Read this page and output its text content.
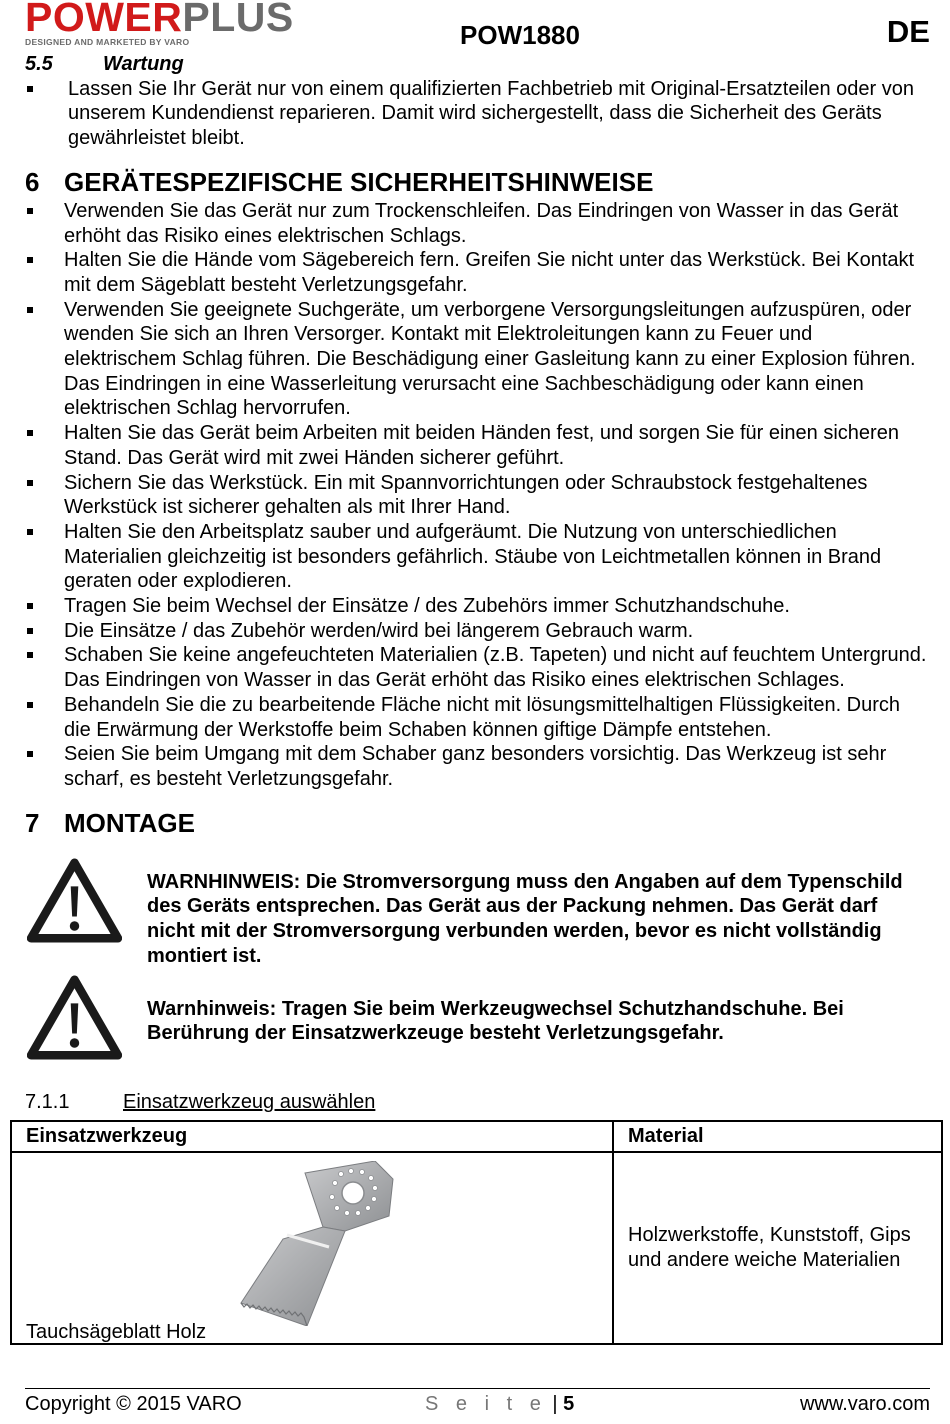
POWERPLUS
DESIGNED AND MARKETED BY VARO	POW1880	DE
5.5	Wartung
Lassen Sie Ihr Gerät nur von einem qualifizierten Fachbetrieb mit Original-Ersatzteilen oder von unserem Kundendienst reparieren. Damit wird sichergestellt, dass die Sicherheit des Geräts gewährleistet bleibt.
6 GERÄTESPEZIFISCHE SICHERHEITSHINWEISE
Verwenden Sie das Gerät nur zum Trockenschleifen. Das Eindringen von Wasser in das Gerät erhöht das Risiko eines elektrischen Schlags.
Halten Sie die Hände vom Sägebereich fern. Greifen Sie nicht unter das Werkstück. Bei Kontakt mit dem Sägeblatt besteht Verletzungsgefahr.
Verwenden Sie geeignete Suchgeräte, um verborgene Versorgungsleitungen aufzuspüren, oder wenden Sie sich an Ihren Versorger. Kontakt mit Elektroleitungen kann zu Feuer und elektrischem Schlag führen. Die Beschädigung einer Gasleitung kann zu einer Explosion führen. Das Eindringen in eine Wasserleitung verursacht eine Sachbeschädigung oder kann einen elektrischen Schlag hervorrufen.
Halten Sie das Gerät beim Arbeiten mit beiden Händen fest, und sorgen Sie für einen sicheren Stand. Das Gerät wird mit zwei Händen sicherer geführt.
Sichern Sie das Werkstück. Ein mit Spannvorrichtungen oder Schraubstock festgehaltenes Werkstück ist sicherer gehalten als mit Ihrer Hand.
Halten Sie den Arbeitsplatz sauber und aufgeräumt. Die Nutzung von unterschiedlichen Materialien gleichzeitig ist besonders gefährlich. Stäube von Leichtmetallen können in Brand geraten oder explodieren.
Tragen Sie beim Wechsel der Einsätze / des Zubehörs immer Schutzhandschuhe.
Die Einsätze / das Zubehör werden/wird bei längerem Gebrauch warm.
Schaben Sie keine angefeuchteten Materialien (z.B. Tapeten) und nicht auf feuchtem Untergrund. Das Eindringen von Wasser in das Gerät erhöht das Risiko eines elektrischen Schlages.
Behandeln Sie die zu bearbeitende Fläche nicht mit lösungsmittelhaltigen Flüssigkeiten. Durch die Erwärmung der Werkstoffe beim Schaben können giftige Dämpfe entstehen.
Seien Sie beim Umgang mit dem Schaber ganz besonders vorsichtig. Das Werkzeug ist sehr scharf, es besteht Verletzungsgefahr.
7 MONTAGE
WARNHINWEIS: Die Stromversorgung muss den Angaben auf dem Typenschild des Geräts entsprechen. Das Gerät aus der Packung nehmen. Das Gerät darf nicht mit der Stromversorgung verbunden werden, bevor es nicht vollständig montiert ist.
Warnhinweis: Tragen Sie beim Werkzeugwechsel Schutzhandschuhe. Bei Berührung der Einsatzwerkzeuge besteht Verletzungsgefahr.
7.1.1	Einsatzwerkzeug auswählen
Einsatzwerkzeug	Material

Tauchsägeblatt Holz	Holzwerkstoffe, Kunststoff, Gips und andere weiche Materialien
Copyright © 2015 VARO	S e i t e | 5	www.varo.com
